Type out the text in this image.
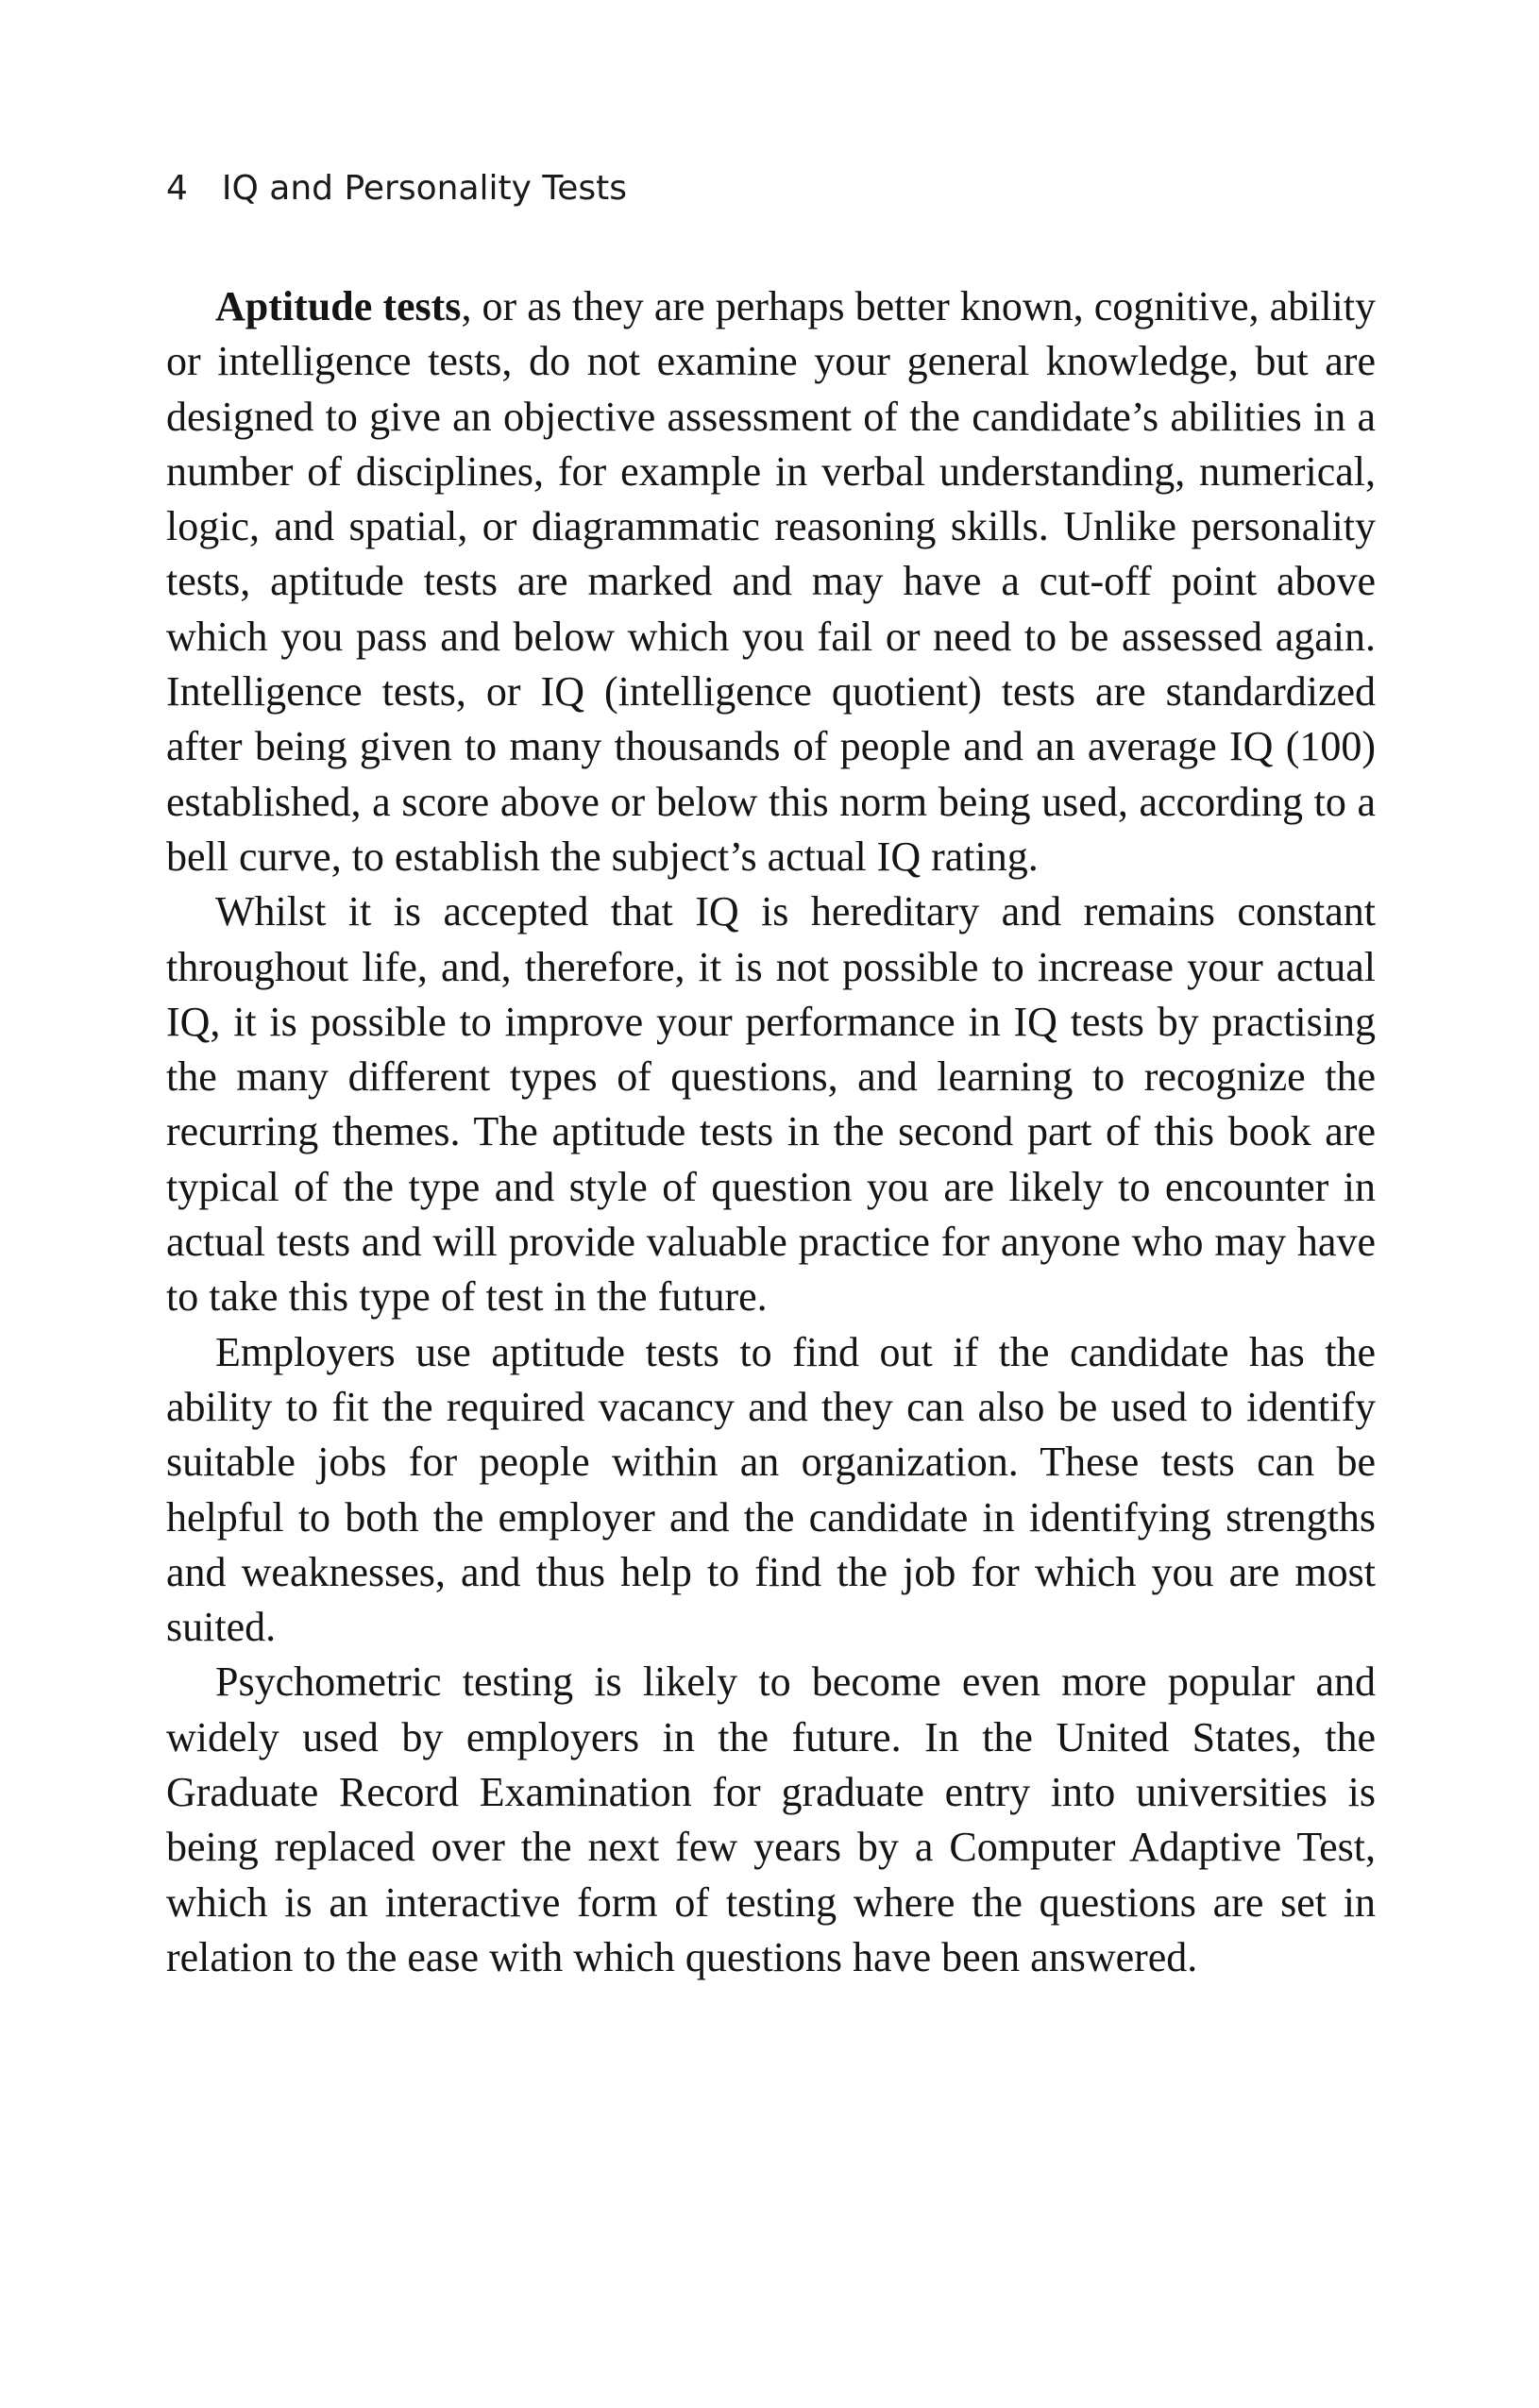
4 IQ and Personality Tests

Aptitude tests, or as they are perhaps better known, cognitive, ability or intelligence tests, do not examine your general knowledge, but are designed to give an objective assessment of the candidate’s abilities in a number of disciplines, for example in verbal understanding, numerical, logic, and spatial, or diagrammatic reasoning skills. Unlike personality tests, aptitude tests are marked and may have a cut-off point above which you pass and below which you fail or need to be assessed again. Intelligence tests, or IQ (intelligence quotient) tests are standardized after being given to many thousands of people and an average IQ (100) established, a score above or below this norm being used, according to a bell curve, to establish the subject’s actual IQ rating.

Whilst it is accepted that IQ is hereditary and remains constant throughout life, and, therefore, it is not possible to increase your actual IQ, it is possible to improve your performance in IQ tests by practising the many different types of questions, and learning to recognize the recurring themes. The aptitude tests in the second part of this book are typical of the type and style of question you are likely to encounter in actual tests and will provide valuable practice for anyone who may have to take this type of test in the future.

Employers use aptitude tests to find out if the candidate has the ability to fit the required vacancy and they can also be used to identify suitable jobs for people within an organization. These tests can be helpful to both the employer and the candidate in identifying strengths and weaknesses, and thus help to find the job for which you are most suited.

Psychometric testing is likely to become even more popular and widely used by employers in the future. In the United States, the Graduate Record Examination for graduate entry into universities is being replaced over the next few years by a Computer Adaptive Test, which is an interactive form of testing where the questions are set in relation to the ease with which questions have been answered.
